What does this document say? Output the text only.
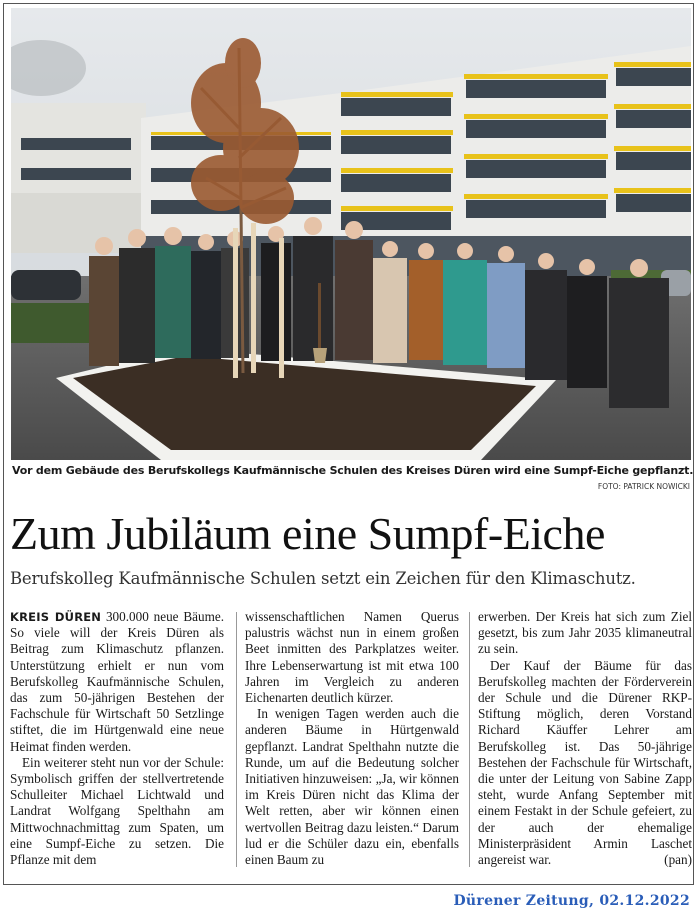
Vor dem Gebäude des Berufskollegs Kaufmännische Schulen des Kreises Düren wird eine Sumpf-Eiche gepflanzt.
FOTO: PATRICK NOWICKI
Zum Jubiläum eine Sumpf-Eiche
Berufskolleg Kaufmännische Schulen setzt ein Zeichen für den Klimaschutz.

KREIS DÜREN 300.000 neue Bäume. So viele will der Kreis Düren als Beitrag zum Klimaschutz pflanzen. Unterstützung erhielt er nun vom Berufskolleg Kaufmännische Schulen, das zum 50-jährigen Bestehen der Fachschule für Wirtschaft 50 Setzlinge stiftet, die im Hürtgenwald eine neue Heimat finden werden.

Ein weiterer steht nun vor der Schule: Symbolisch griffen der stellvertretende Schulleiter Michael Lichtwald und Landrat Wolfgang Spelthahn am Mittwochnachmittag zum Spaten, um eine Sumpf-Eiche zu setzen. Die Pflanze mit dem

wissenschaftlichen Namen Querus palustris wächst nun in einem großen Beet inmitten des Parkplatzes weiter. Ihre Lebenserwartung ist mit etwa 100 Jahren im Vergleich zu anderen Eichenarten deutlich kürzer.

In wenigen Tagen werden auch die anderen Bäume in Hürtgenwald gepflanzt. Landrat Spelthahn nutzte die Runde, um auf die Bedeutung solcher Initiativen hinzuweisen: „Ja, wir können im Kreis Düren nicht das Klima der Welt retten, aber wir können einen wertvollen Beitrag dazu leisten.“ Darum lud er die Schüler dazu ein, ebenfalls einen Baum zu

erwerben. Der Kreis hat sich zum Ziel gesetzt, bis zum Jahr 2035 klimaneutral zu sein.

Der Kauf der Bäume für das Berufskolleg machten der Förderverein der Schule und die Dürener RKP-Stiftung möglich, deren Vorstand Richard Käuffer Lehrer am Berufskolleg ist. Das 50-jährige Bestehen der Fachschule für Wirtschaft, die unter der Leitung von Sabine Zapp steht, wurde Anfang September mit einem Festakt in der Schule gefeiert, zu der auch der ehemalige Ministerpräsident Armin Laschet angereist war.	(pan)

Dürener Zeitung, 02.12.2022
